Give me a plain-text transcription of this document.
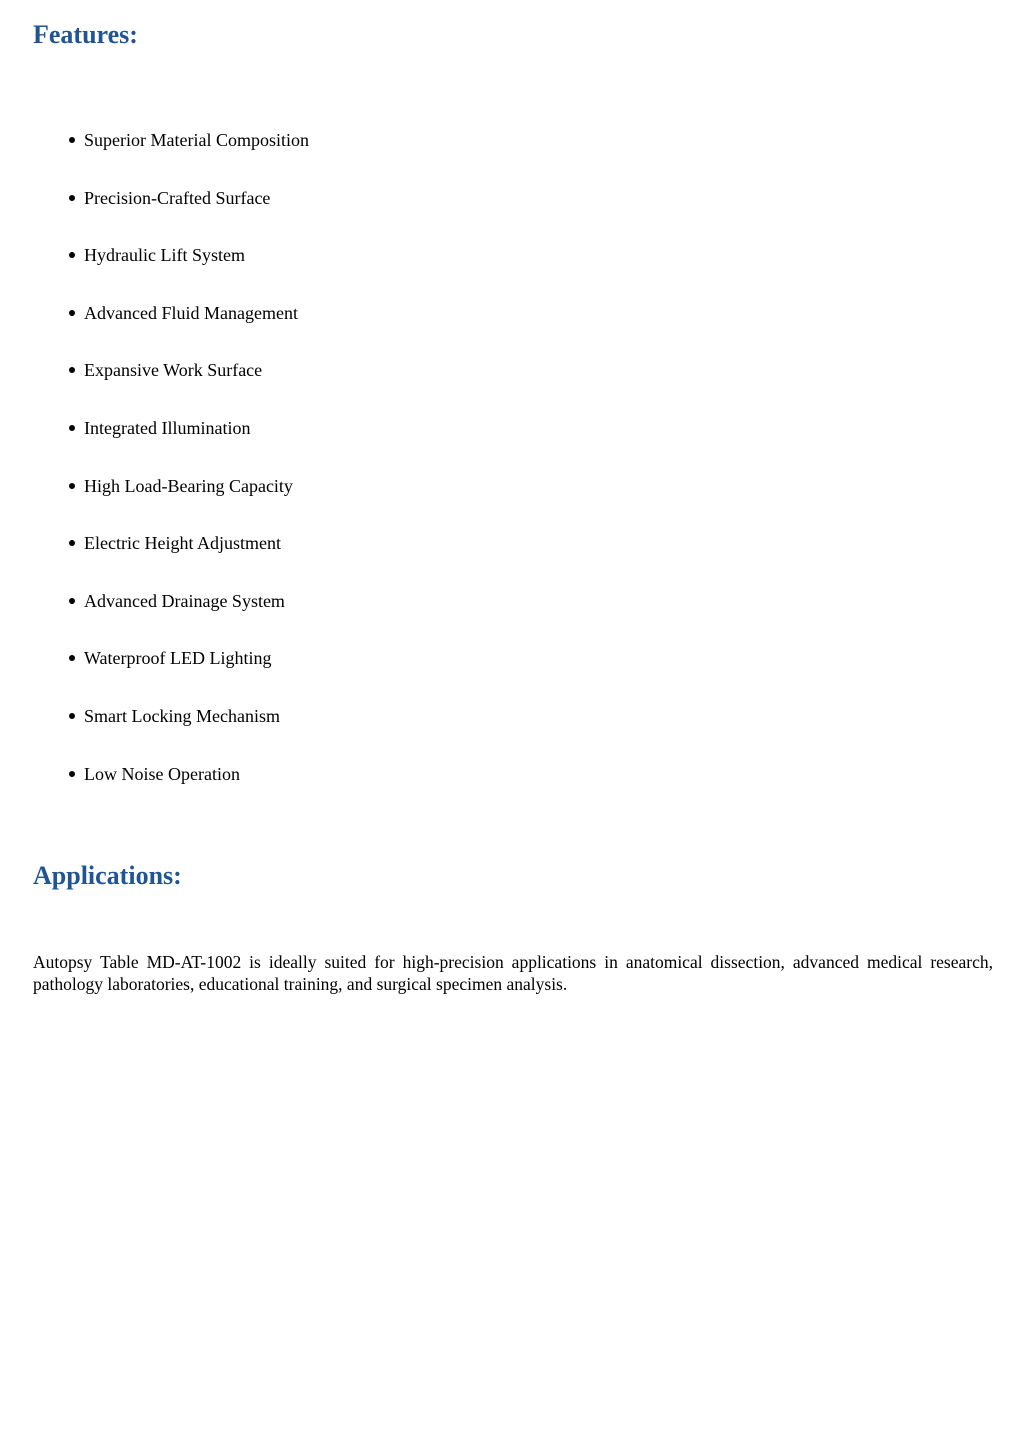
Features:
Superior Material Composition
Precision-Crafted Surface
Hydraulic Lift System
Advanced Fluid Management
Expansive Work Surface
Integrated Illumination
High Load-Bearing Capacity
Electric Height Adjustment
Advanced Drainage System
Waterproof LED Lighting
Smart Locking Mechanism
Low Noise Operation
Applications:

Autopsy Table MD-AT-1002 is ideally suited for high-precision applications in anatomical dissection, advanced medical research, pathology laboratories, educational training, and surgical specimen analysis.
